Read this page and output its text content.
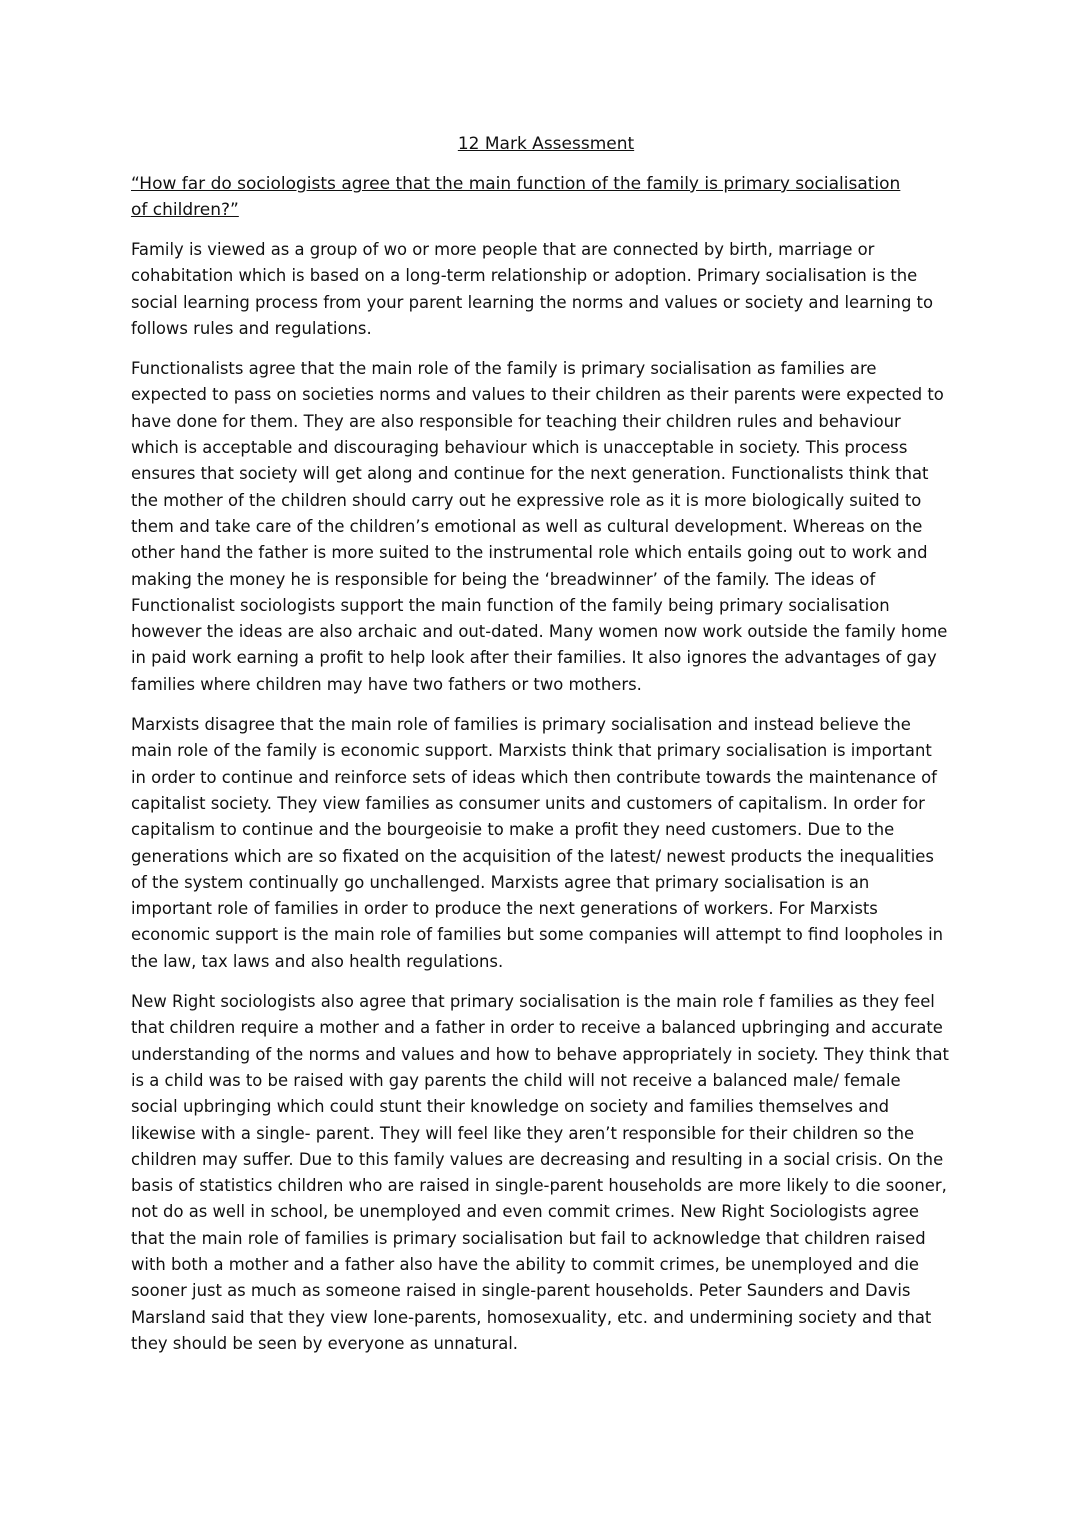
12 Mark Assessment
“How far do sociologists agree that the main function of the family is primary socialisation of children?”

Family is viewed as a group of wo or more people that are connected by birth, marriage or cohabitation which is based on a long-term relationship or adoption. Primary socialisation is the social learning process from your parent learning the norms and values or society and learning to follows rules and regulations.

Functionalists agree that the main role of the family is primary socialisation as families are expected to pass on societies norms and values to their children as their parents were expected to have done for them. They are also responsible for teaching their children rules and behaviour which is acceptable and discouraging behaviour which is unacceptable in society. This process ensures that society will get along and continue for the next generation. Functionalists think that the mother of the children should carry out he expressive role as it is more biologically suited to them and take care of the children’s emotional as well as cultural development. Whereas on the other hand the father is more suited to the instrumental role which entails going out to work and making the money he is responsible for being the ‘breadwinner’ of the family. The ideas of Functionalist sociologists support the main function of the family being primary socialisation however the ideas are also archaic and out-dated. Many women now work outside the family home in paid work earning a profit to help look after their families. It also ignores the advantages of gay families where children may have two fathers or two mothers.

Marxists disagree that the main role of families is primary socialisation and instead believe the main role of the family is economic support. Marxists think that primary socialisation is important in order to continue and reinforce sets of ideas which then contribute towards the maintenance of capitalist society. They view families as consumer units and customers of capitalism. In order for capitalism to continue and the bourgeoisie to make a profit they need customers. Due to the generations which are so fixated on the acquisition of the latest/ newest products the inequalities of the system continually go unchallenged. Marxists agree that primary socialisation is an important role of families in order to produce the next generations of workers. For Marxists economic support is the main role of families but some companies will attempt to find loopholes in the law, tax laws and also health regulations.

New Right sociologists also agree that primary socialisation is the main role f families as they feel that children require a mother and a father in order to receive a balanced upbringing and accurate understanding of the norms and values and how to behave appropriately in society. They think that is a child was to be raised with gay parents the child will not receive a balanced male/ female social upbringing which could stunt their knowledge on society and families themselves and likewise with a single- parent. They will feel like they aren’t responsible for their children so the children may suffer. Due to this family values are decreasing and resulting in a social crisis. On the basis of statistics children who are raised in single-parent households are more likely to die sooner, not do as well in school, be unemployed and even commit crimes. New Right Sociologists agree that the main role of families is primary socialisation but fail to acknowledge that children raised with both a mother and a father also have the ability to commit crimes, be unemployed and die sooner just as much as someone raised in single-parent households. Peter Saunders and Davis Marsland said that they view lone-parents, homosexuality, etc. and undermining society and that they should be seen by everyone as unnatural.
